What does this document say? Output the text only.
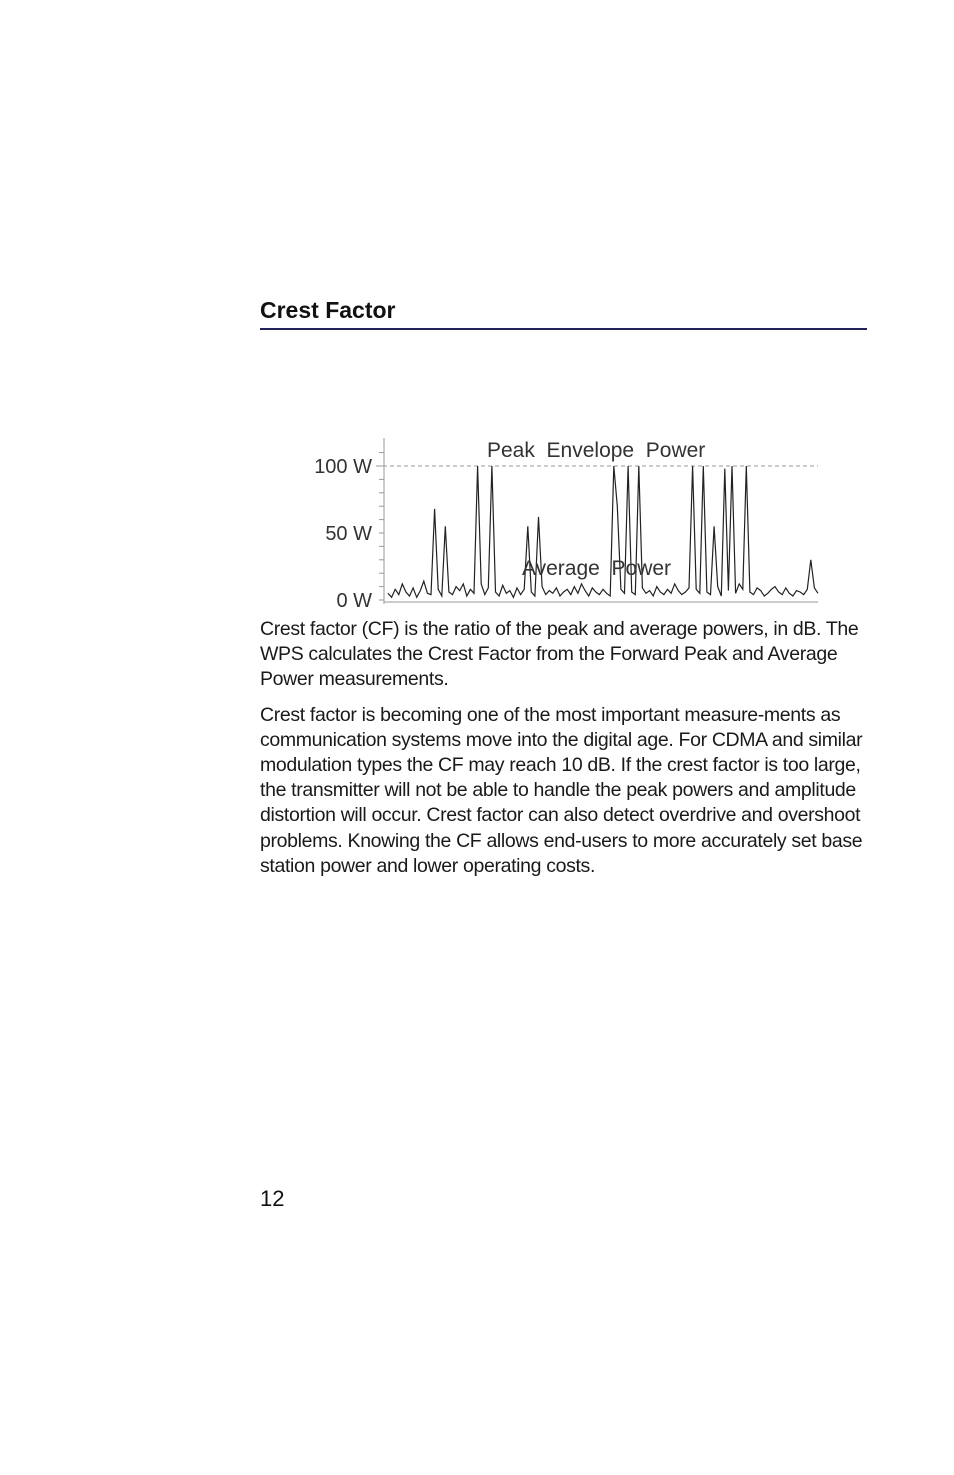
Crest Factor
100 W
50 W
0 W
Peak  Envelope  Power
Average  Power

Crest factor (CF) is the ratio of the peak and average powers, in dB. The WPS calculates the Crest Factor from the Forward Peak and Average Power measurements.

Crest factor is becoming one of the most important measure-ments as communication systems move into the digital age. For CDMA and similar modulation types the CF may reach 10 dB. If the crest factor is too large, the transmitter will not be able to handle the peak powers and amplitude distortion will occur. Crest factor can also detect overdrive and overshoot problems. Knowing the CF allows end-users to more accurately set base station power and lower operating costs.

12
